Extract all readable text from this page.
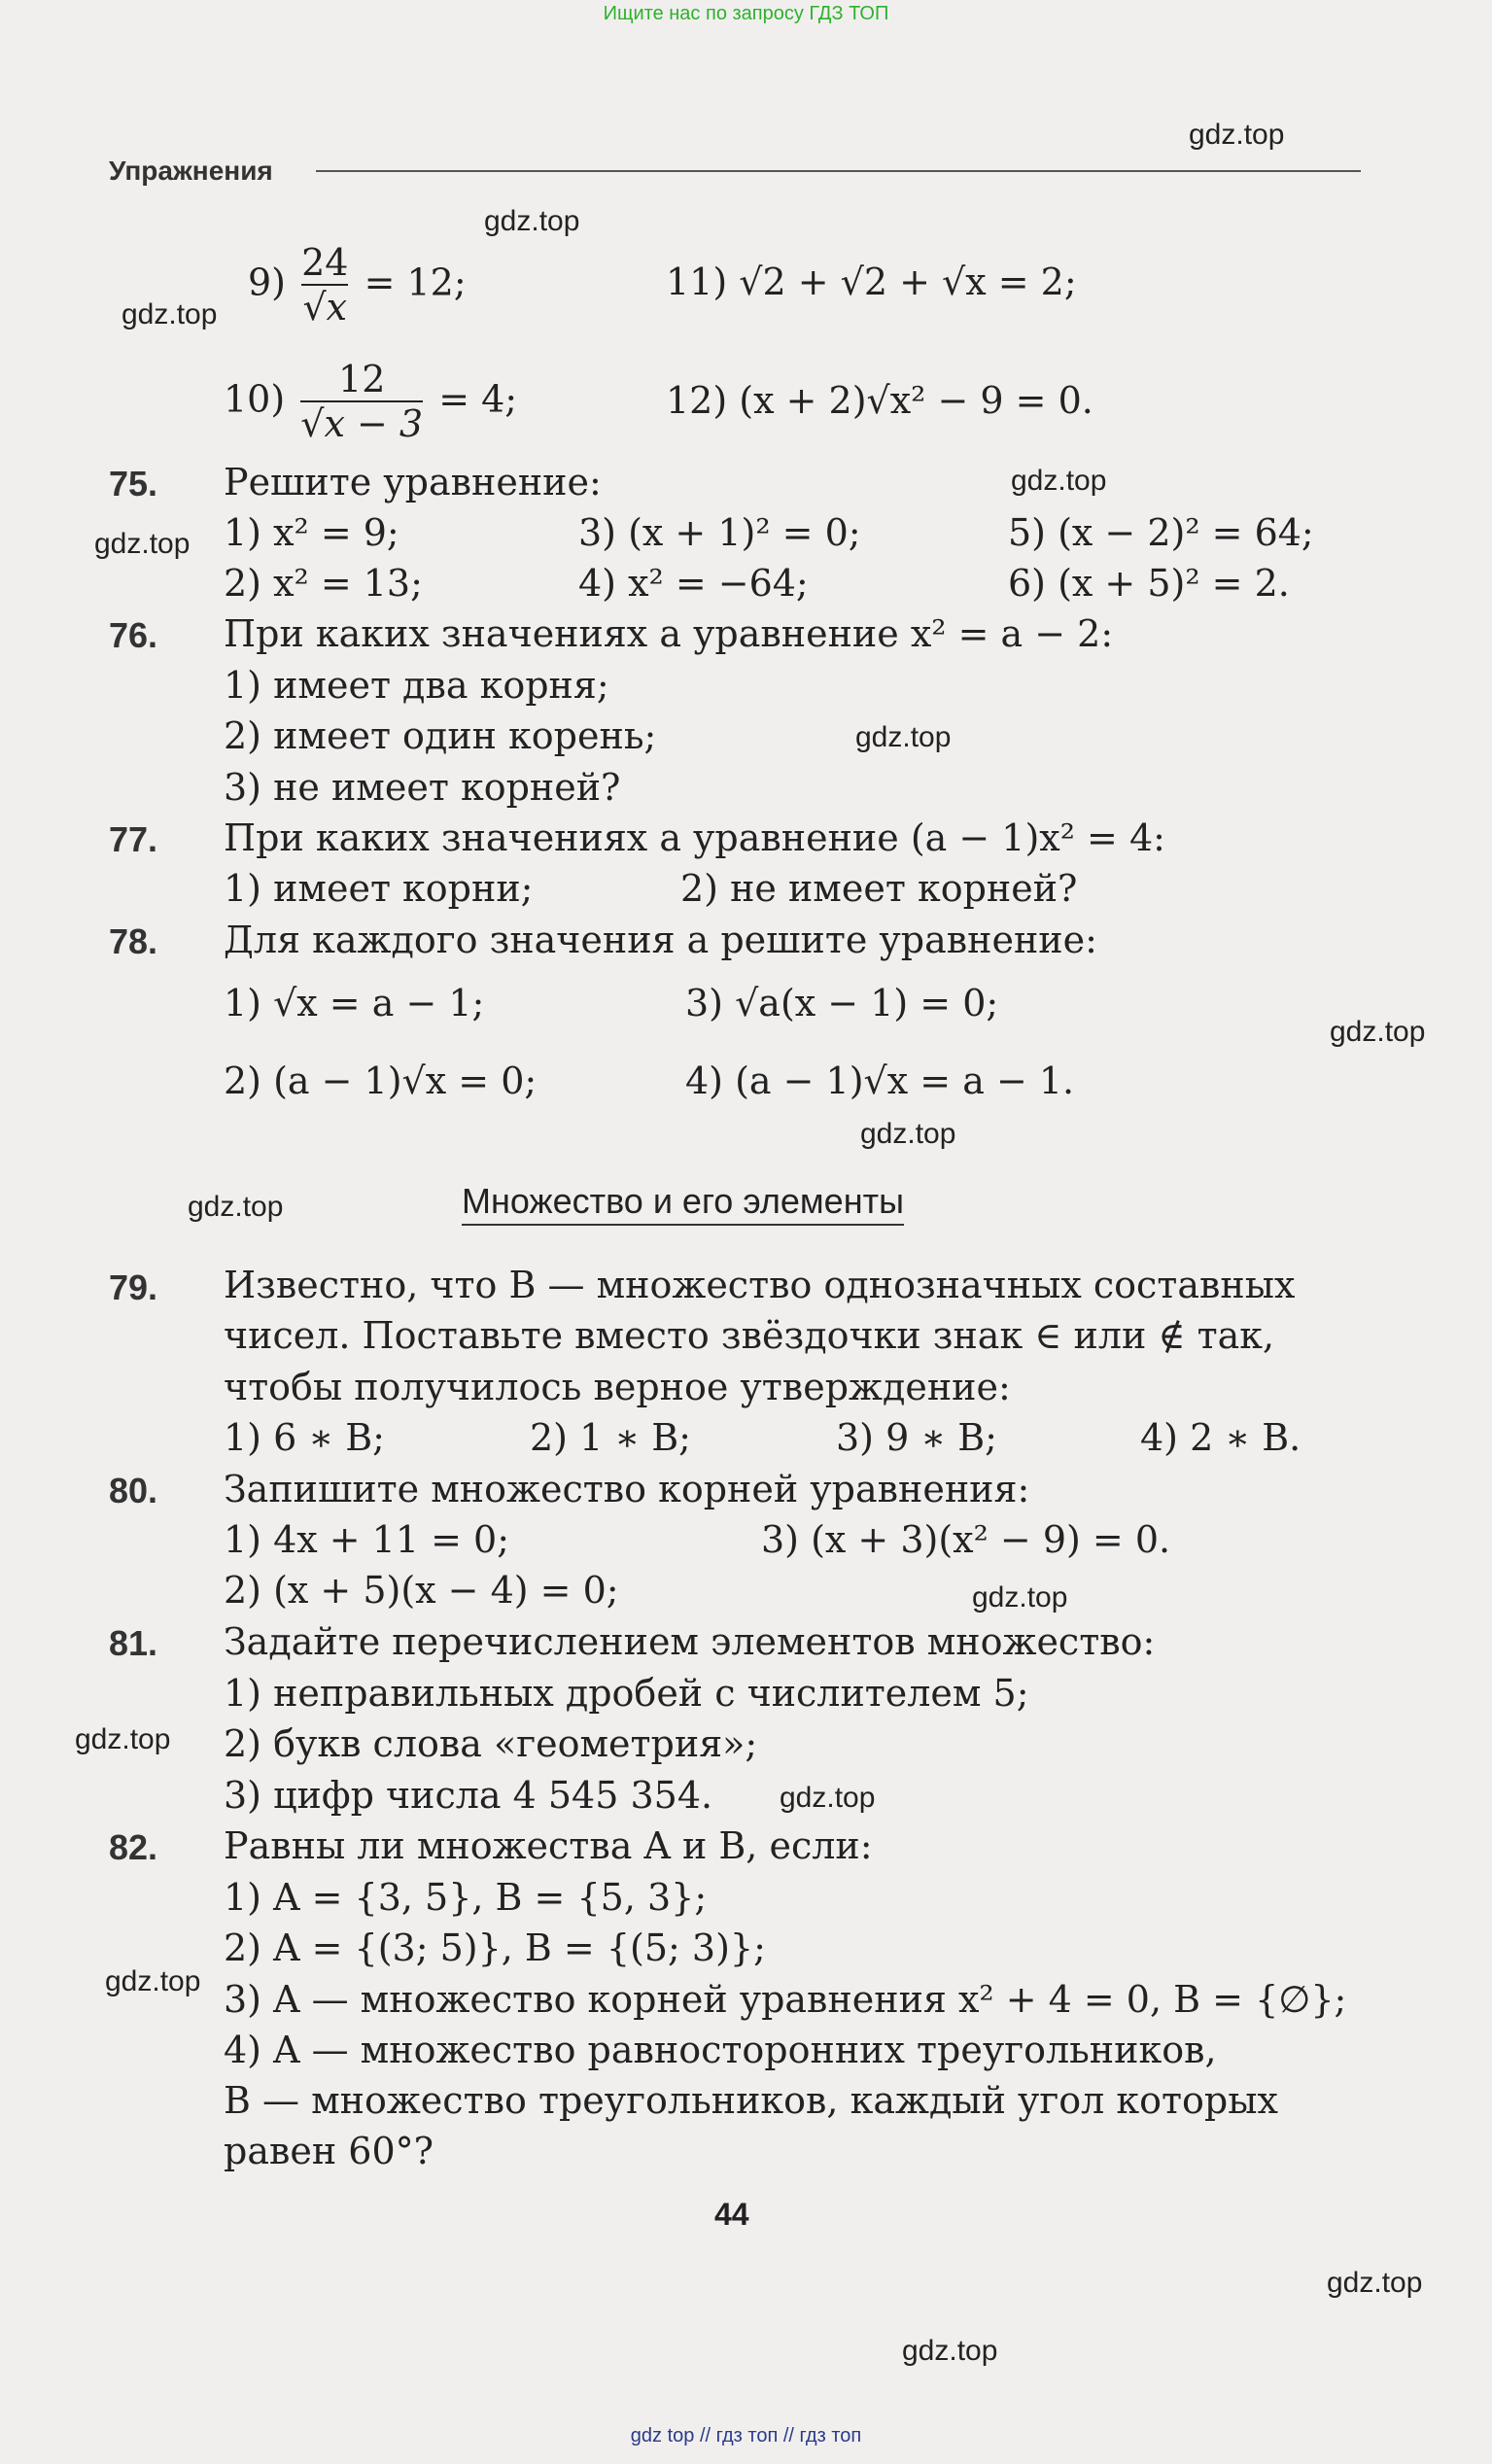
Ищите нас по запросу ГДЗ ТОП
Упражнения
gdz.top
gdz.top
gdz.top
gdz.top
gdz.top
gdz.top
gdz.top
gdz.top
gdz.top
gdz.top
gdz.top
gdz.top
gdz.top
gdz.top
gdz.top
$9) \frac{24}{√x} = 12$;	11) √2 + √2 + √x = 2;
$10) \frac{12}{√x - 3} = 4$;	12) (x + 2)√x² − 9 = 0.
75. Решите уравнение:
1) x² = 9;	3) (x + 1)² = 0;	5) (x − 2)² = 64;
2) x² = 13;	4) x² = −64;	6) (x + 5)² = 2.
76. При каких значениях a уравнение x² = a − 2:
1) имеет два корня;
2) имеет один корень;
3) не имеет корней?
77. При каких значениях a уравнение (a − 1)x² = 4:
1) имеет корни;	2) не имеет корней?
78. Для каждого значения a решите уравнение:
1) √x = a − 1;	3) √a(x − 1) = 0;
2) (a − 1)√x = 0;	4) (a − 1)√x = a − 1.
Множество и его элементы
79. Известно, что B — множество однозначных составных
чисел. Поставьте вместо звёздочки знак ∈ или ∉ так,
чтобы получилось верное утверждение:
1) 6 ∗ B;	2) 1 ∗ B;	3) 9 ∗ B;	4) 2 ∗ B.
80. Запишите множество корней уравнения:
1) 4x + 11 = 0;	3) (x + 3)(x² − 9) = 0.
2) (x + 5)(x − 4) = 0;
81. Задайте перечислением элементов множество:
1) неправильных дробей с числителем 5;
2) букв слова «геометрия»;
3) цифр числа 4 545 354.
82. Равны ли множества A и B, если:
1) A = {3, 5}, B = {5, 3};
2) A = {(3; 5)}, B = {(5; 3)};
3) A — множество корней уравнения x² + 4 = 0, B = {∅};
4) A — множество равносторонних треугольников,
B — множество треугольников, каждый угол которых
равен 60°?
44
gdz top // гдз топ // гдз топ
